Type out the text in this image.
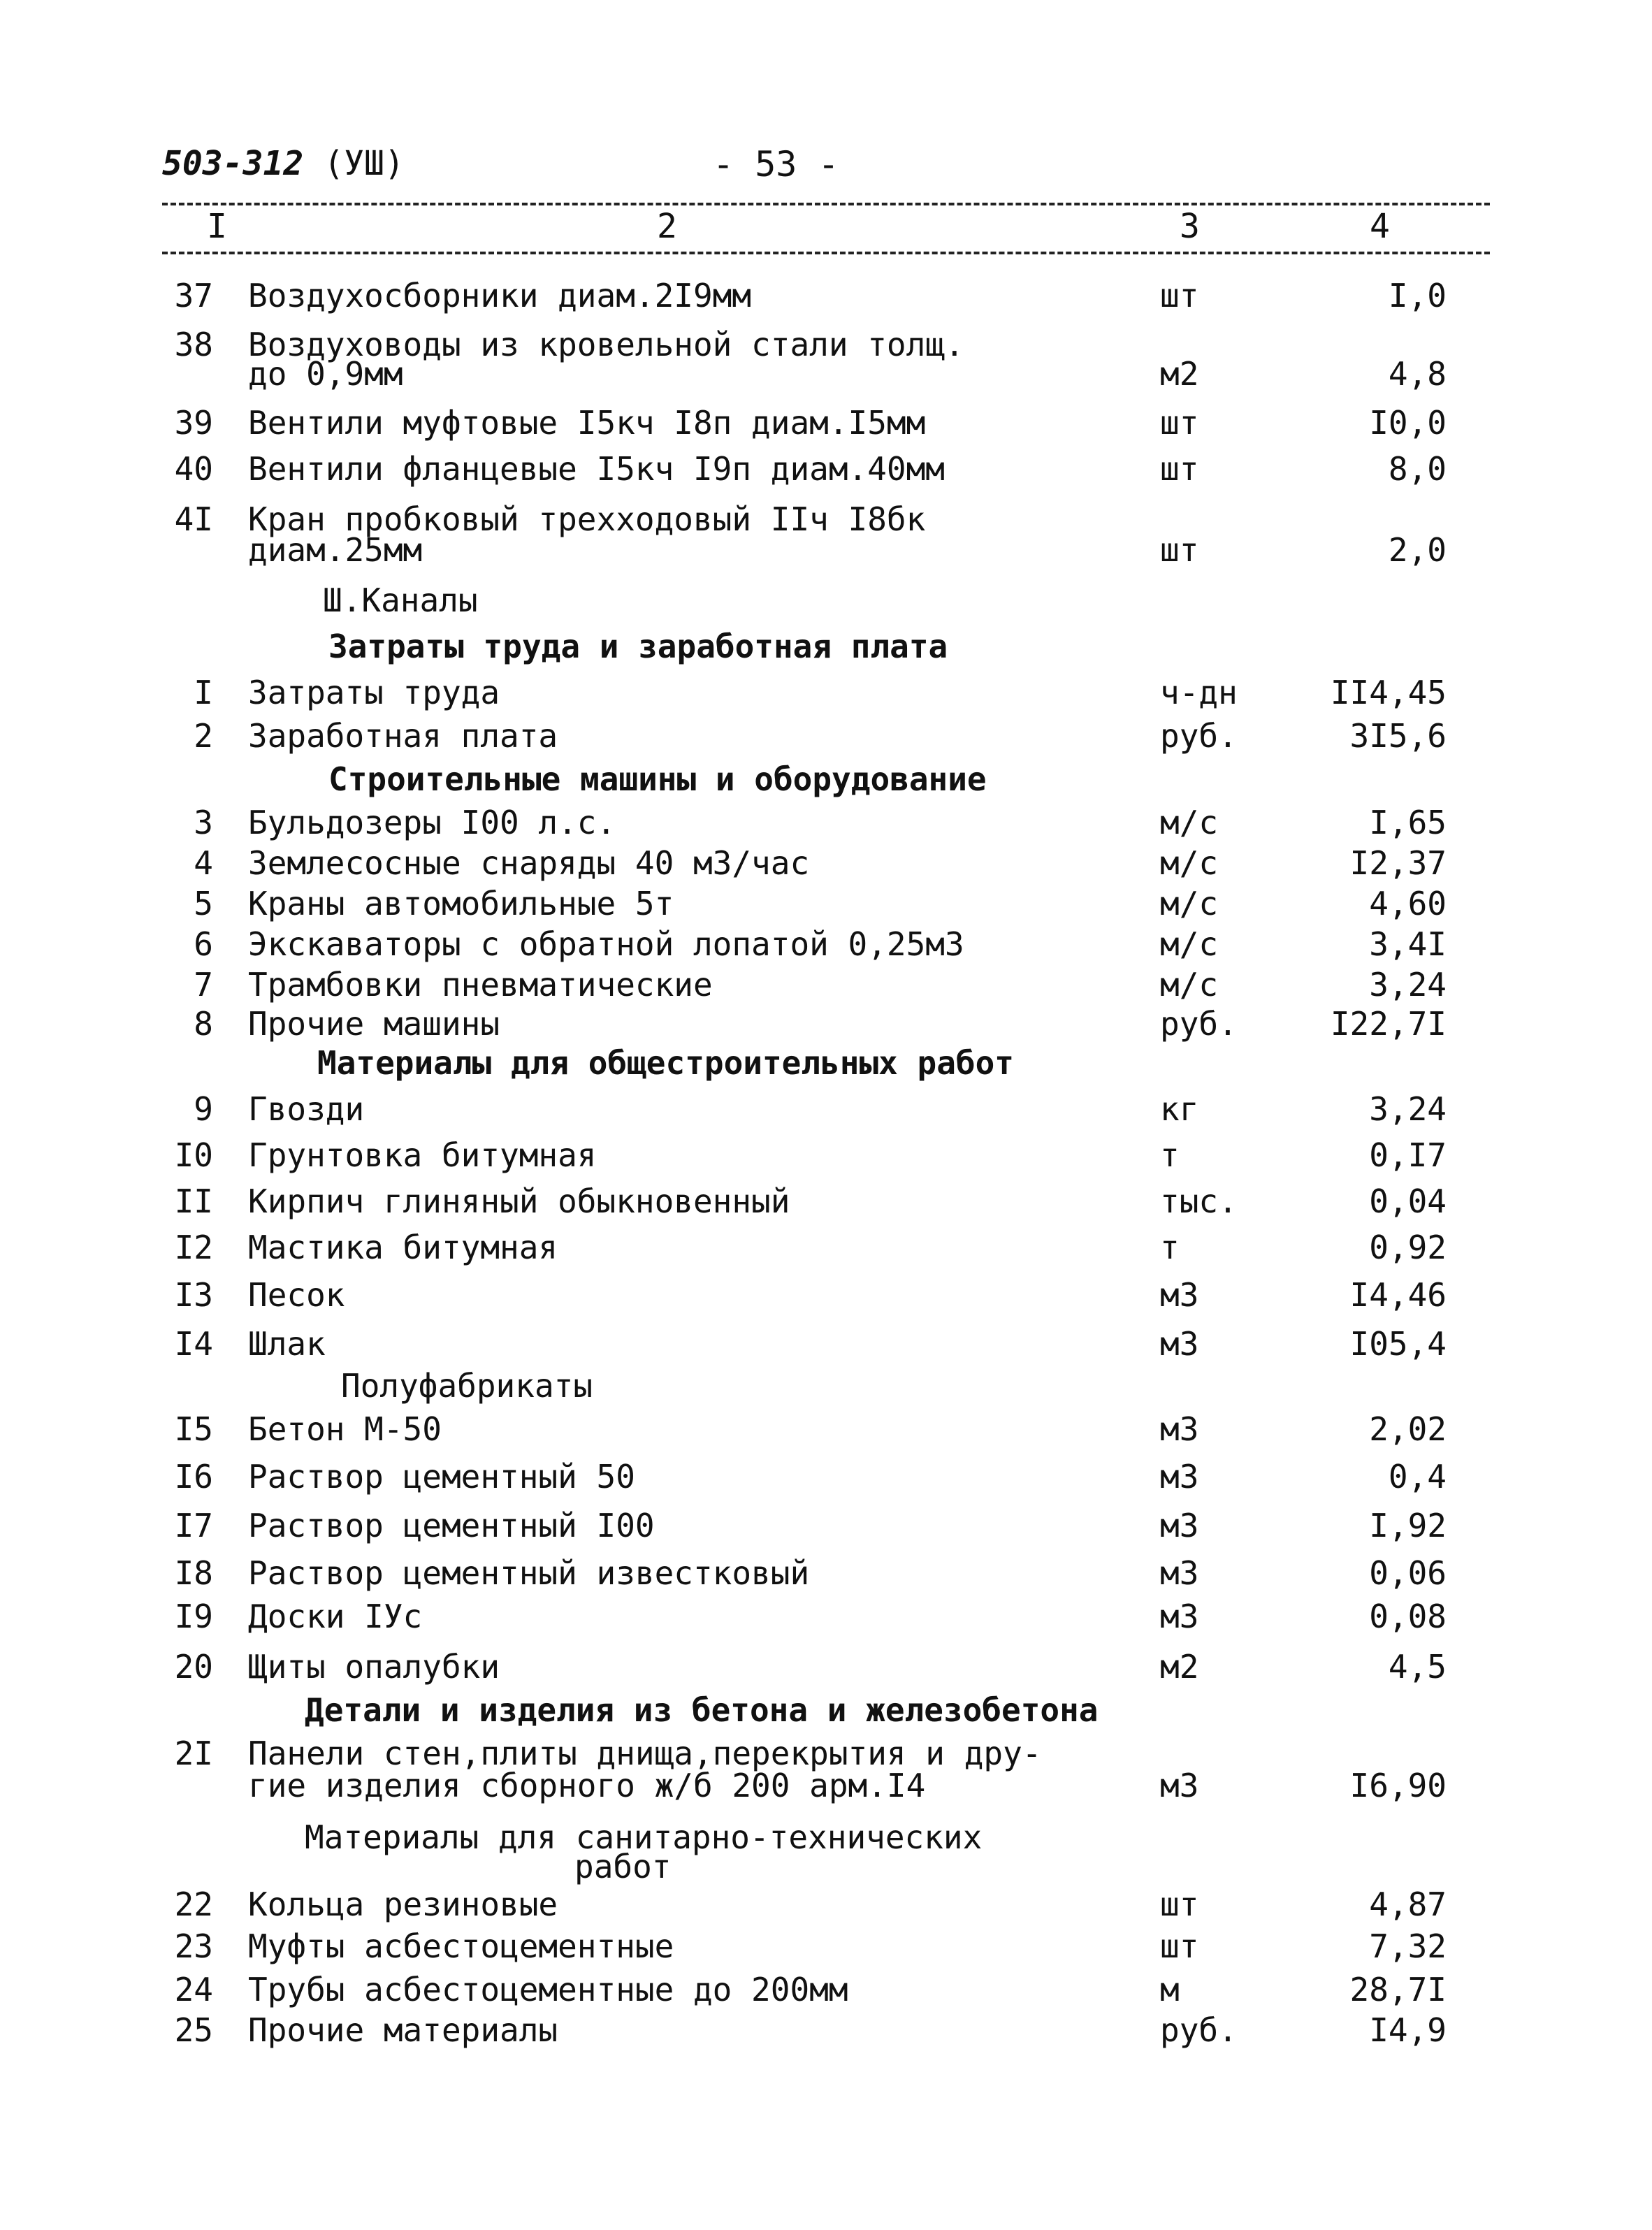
503-312 (УШ)	- 53 -
I	2	3	4
37 Воздухосборники диам.2I9мм	шт	I,0
38 Воздуховоды из кровельной стали толщ.
до 0,9мм	м2	4,8
39 Вентили муфтовые I5кч I8п диам.I5мм	шт	I0,0
40 Вентили фланцевые I5кч I9п диам.40мм	шт	8,0
4I Кран пробковый трехходовый IIч I8бк
диам.25мм	шт	2,0
Ш.Каналы
Затраты труда и заработная плата
I Затраты труда	ч-дн	II4,45
2 Заработная плата	руб.	3I5,6
Строительные машины и оборудование
3 Бульдозеры I00 л.с.	м/с	I,65
4 Землесосные снаряды 40 м3/час	м/с	I2,37
5 Краны автомобильные 5т	м/с	4,60
6 Экскаваторы с обратной лопатой 0,25м3	м/с	3,4I
7 Трамбовки пневматические	м/с	3,24
8 Прочие машины	руб.	I22,7I
Материалы для общестроительных работ
9 Гвозди	кг	3,24
I0 Грунтовка битумная	т	0,I7
II Кирпич глиняный обыкновенный	тыс.	0,04
I2 Мастика битумная	т	0,92
I3 Песок	м3	I4,46
I4 Шлак	м3	I05,4
Полуфабрикаты
I5 Бетон М-50	м3	2,02
I6 Раствор цементный 50	м3	0,4
I7 Раствор цементный I00	м3	I,92
I8 Раствор цементный известковый	м3	0,06
I9 Доски IУс	м3	0,08
20 Щиты опалубки	м2	4,5
Детали и изделия из бетона и железобетона
2I Панели стен,плиты днища,перекрытия и дру-
гие изделия сборного ж/б 200 арм.I4	м3	I6,90
Материалы для санитарно-технических
работ
22 Кольца резиновые	шт	4,87
23 Муфты асбестоцементные	шт	7,32
24 Трубы асбестоцементные до 200мм	м	28,7I
25 Прочие материалы	руб.	I4,9
